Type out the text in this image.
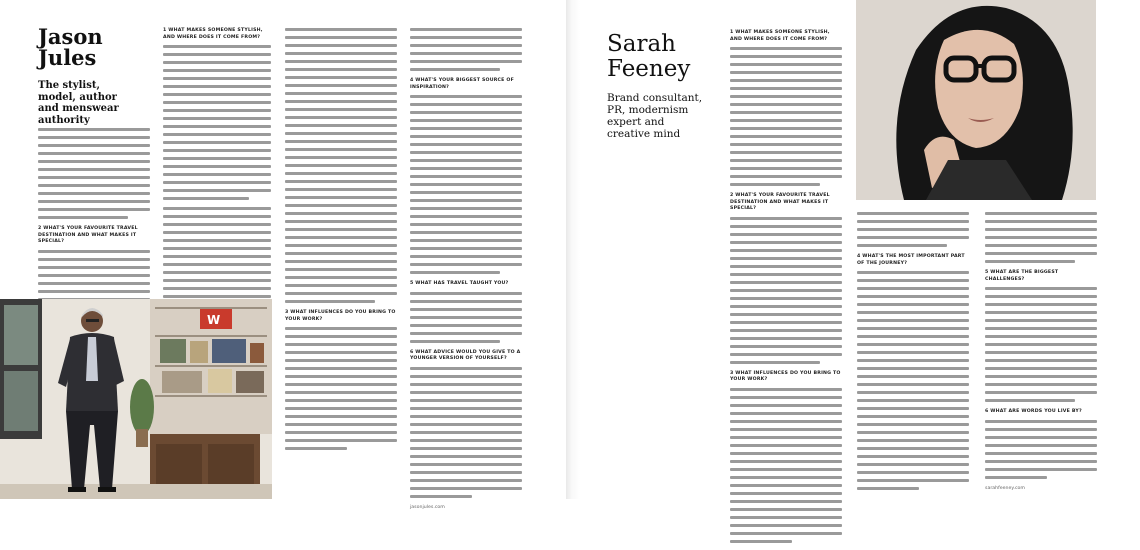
Jason Jules

The stylist, model, author and menswear authority

2 WHAT'S YOUR FAVOURITE TRAVEL DESTINATION AND WHAT MAKES IT SPECIAL?
1 WHAT MAKES SOMEONE STYLISH, AND WHERE DOES IT COME FROM?
3 WHAT INFLUENCES DO YOU BRING TO YOUR WORK?
4 WHAT'S YOUR BIGGEST SOURCE OF INSPIRATION?
5 WHAT HAS TRAVEL TAUGHT YOU?
6 WHAT ADVICE WOULD YOU GIVE TO A YOUNGER VERSION OF YOURSELF?
jasonjules.com
W
Sarah Feeney

Brand consultant, PR, modernism expert and creative mind

1 WHAT MAKES SOMEONE STYLISH, AND WHERE DOES IT COME FROM?
2 WHAT'S YOUR FAVOURITE TRAVEL DESTINATION AND WHAT MAKES IT SPECIAL?
3 WHAT INFLUENCES DO YOU BRING TO YOUR WORK?
4 WHAT'S THE MOST IMPORTANT PART OF THE JOURNEY?
5 WHAT ARE THE BIGGEST CHALLENGES?
6 WHAT ARE WORDS YOU LIVE BY?
sarahfeeney.com
